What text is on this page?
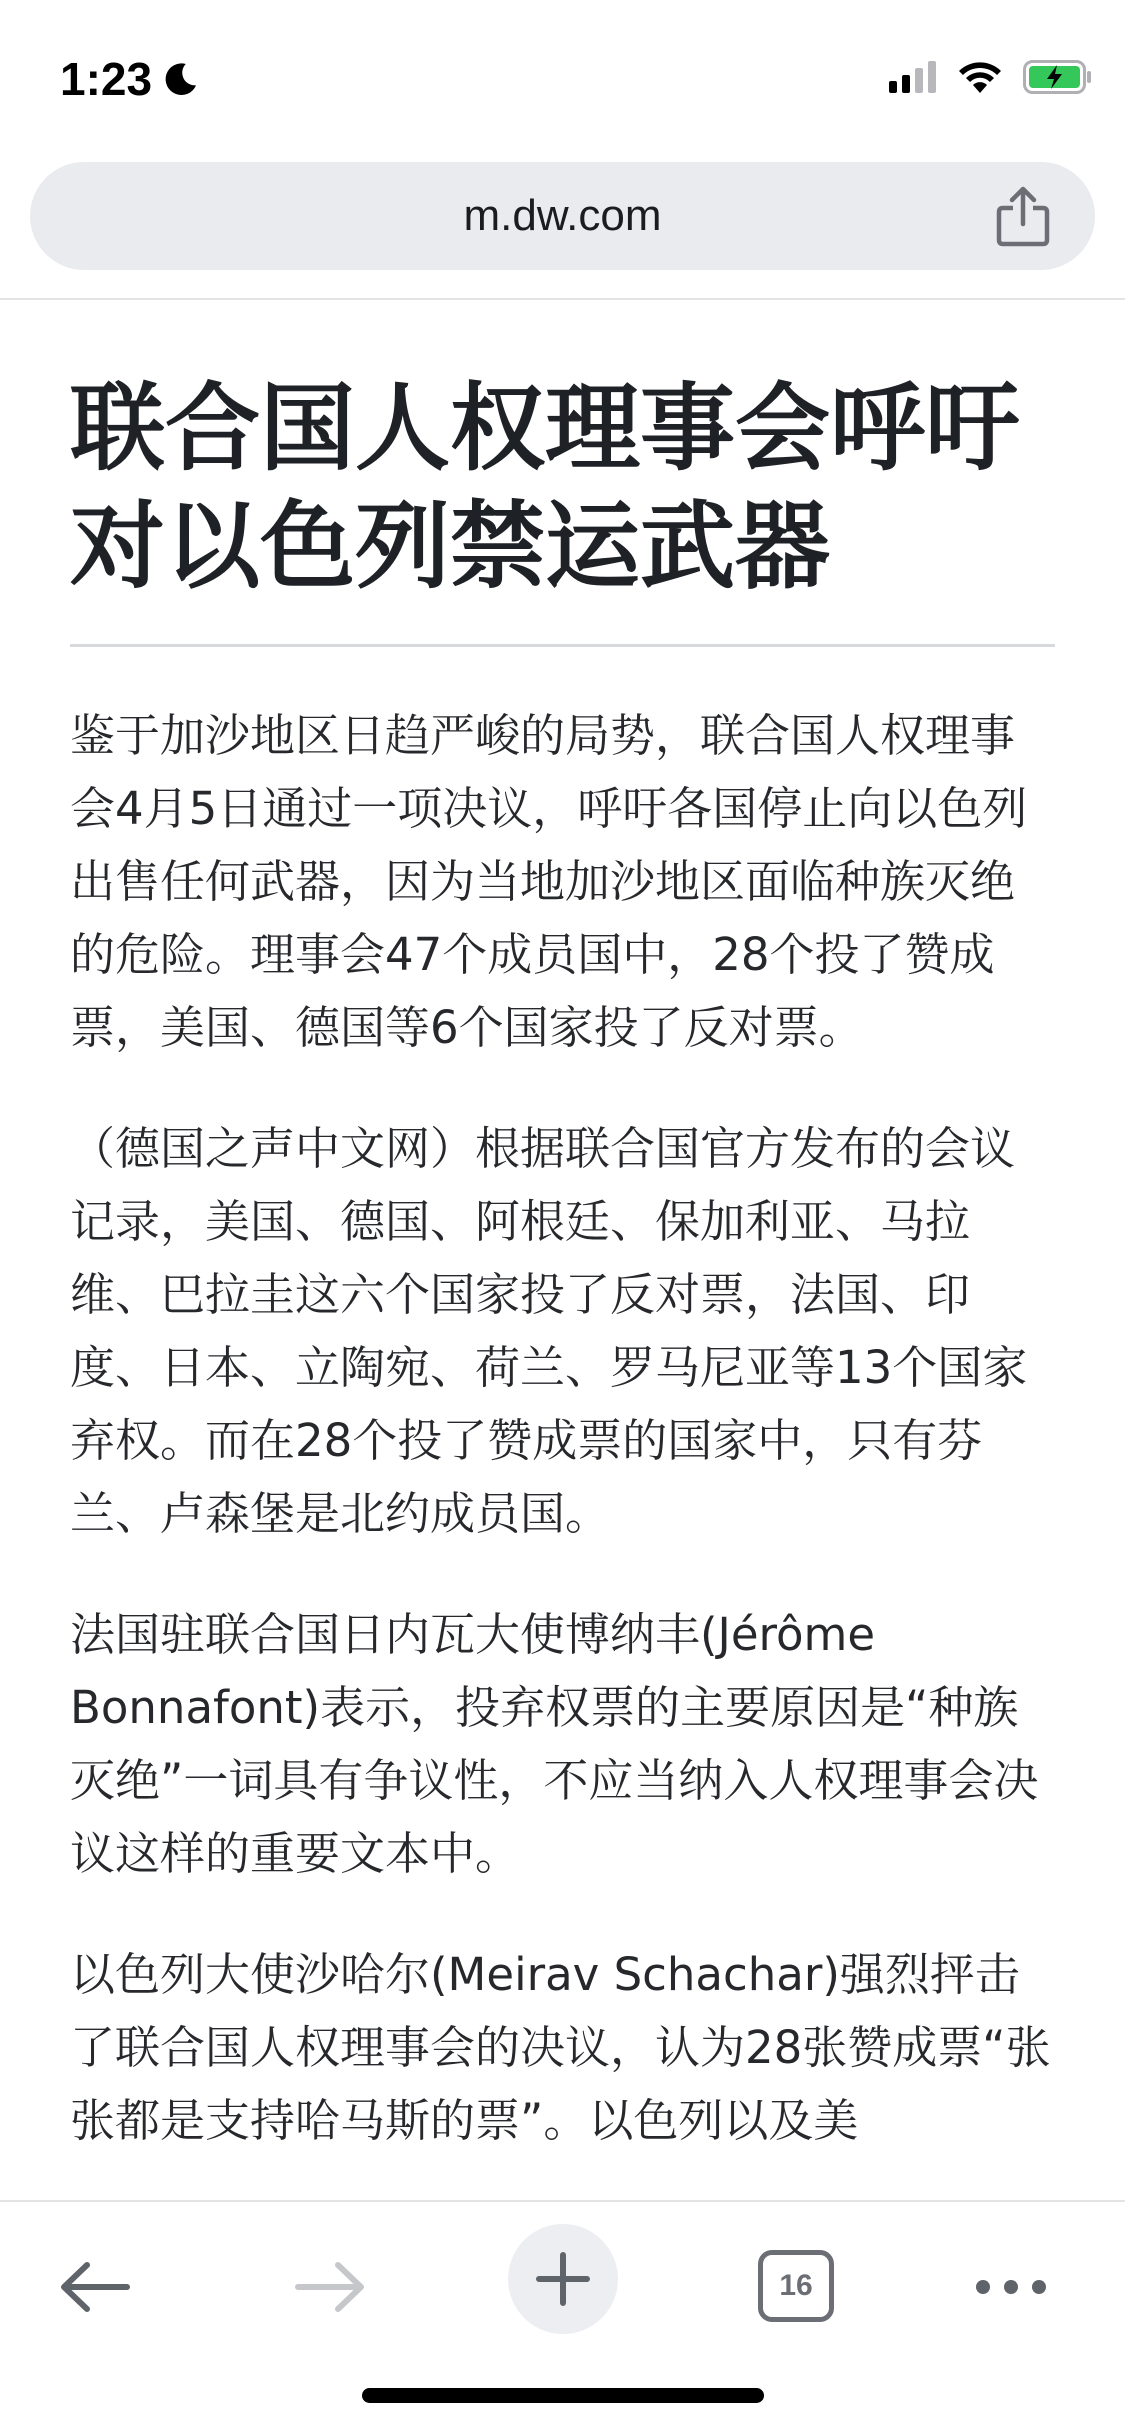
1:23
m.dw.com
联合国人权理事会呼吁对以色列禁运武器

鉴于加沙地区日趋严峻的局势，联合国人权理事会4月5日通过一项决议，呼吁各国停止向以色列出售任何武器，因为当地加沙地区面临种族灭绝的危险。理事会47个成员国中，28个投了赞成票，美国、德国等6个国家投了反对票。

（德国之声中文网）根据联合国官方发布的会议记录，美国、德国、阿根廷、保加利亚、马拉维、巴拉圭这六个国家投了反对票，法国、印度、日本、立陶宛、荷兰、罗马尼亚等13个国家弃权。而在28个投了赞成票的国家中，只有芬兰、卢森堡是北约成员国。

法国驻联合国日内瓦大使博纳丰(Jérôme Bonnafont)表示，投弃权票的主要原因是“种族灭绝”一词具有争议性，不应当纳入人权理事会决议这样的重要文本中。

以色列大使沙哈尔(Meirav Schachar)强烈抨击了联合国人权理事会的决议，认为28张赞成票“张张都是支持哈马斯的票”。以色列以及美

16
